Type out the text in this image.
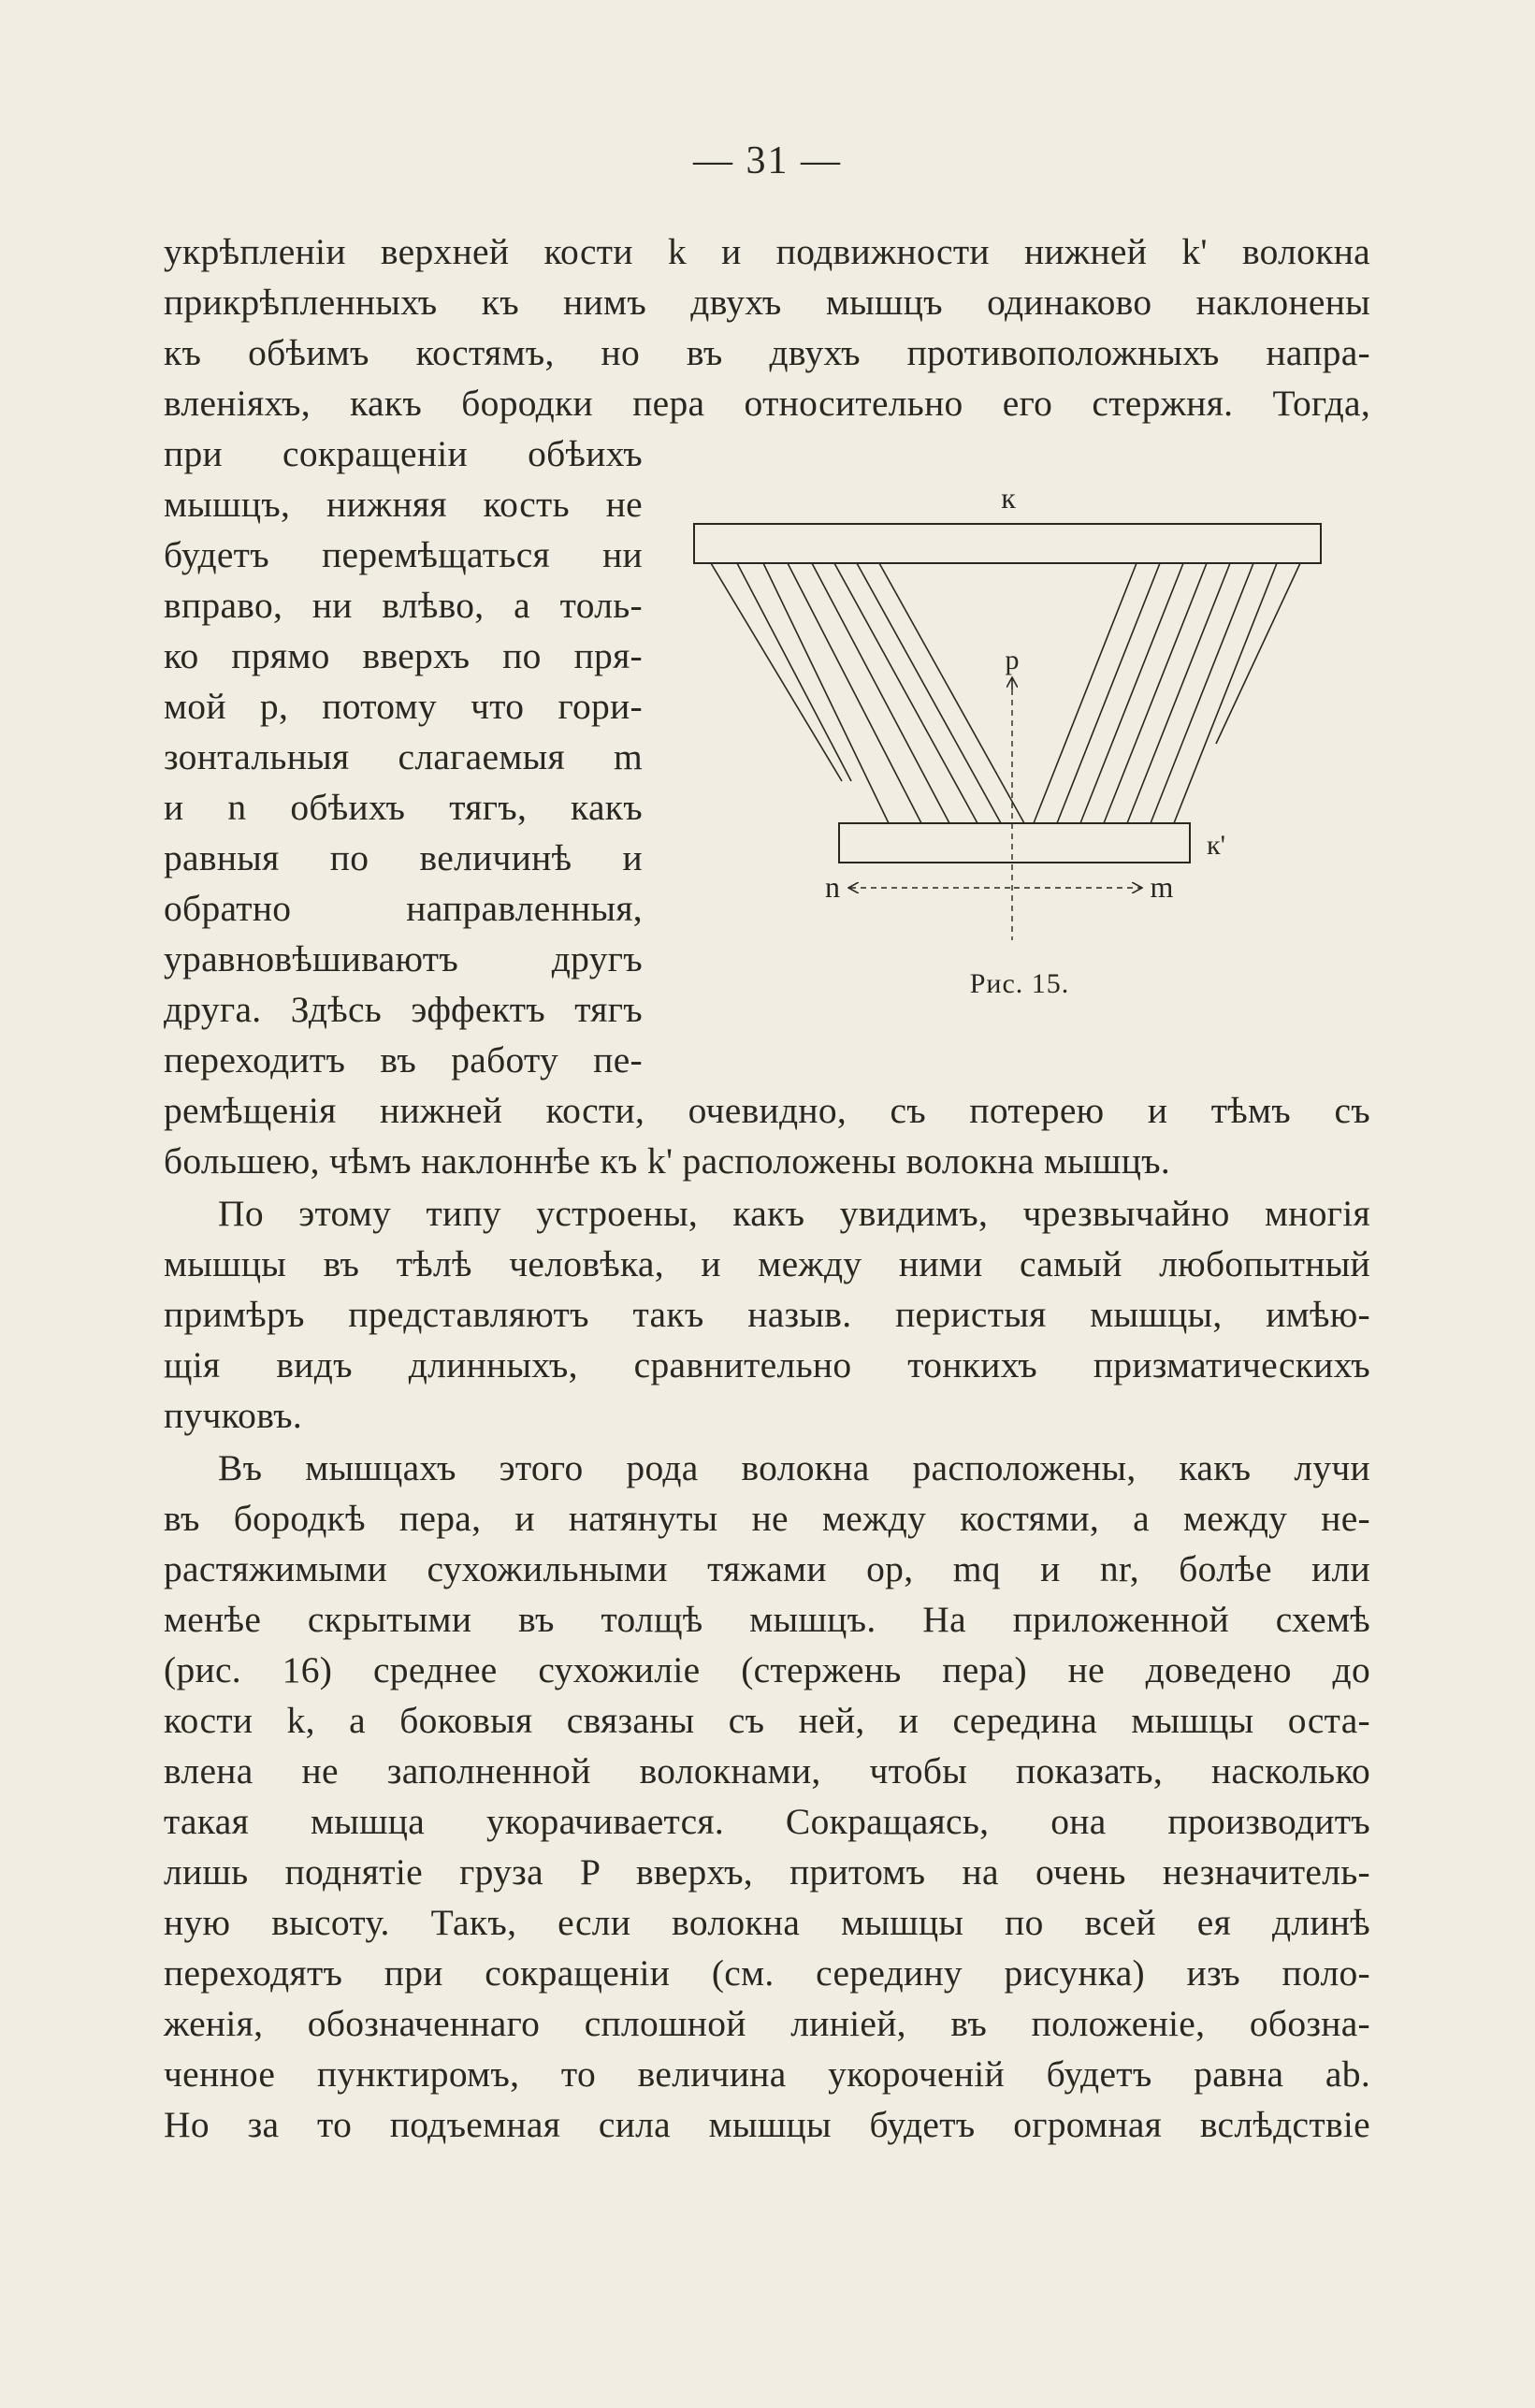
— 31 —
укрѣпленіи верхней кости k и подвижности нижней k' волокна
прикрѣпленныхъ къ нимъ двухъ мышцъ одинаково наклонены
къ обѣимъ костямъ, но въ двухъ противоположныхъ напра-
вленіяхъ, какъ бородки пера относительно его стержня. Тогда,
при сокращеніи обѣихъ
мышцъ, нижняя кость не
будетъ перемѣщаться ни
вправо, ни влѣво, а толь-
ко прямо вверхъ по пря-
мой p, потому что гори-
зонтальныя слагаемыя m
и n обѣихъ тягъ, какъ
равныя по величинѣ и
обратно направленныя,
уравновѣшиваютъ другъ
друга. Здѣсь эффектъ тягъ
переходитъ въ работу пе-
ремѣщенія нижней кости, очевидно, съ потерею и тѣмъ съ
большею, чѣмъ наклоннѣе къ k' расположены волокна мышцъ.
По этому типу устроены, какъ увидимъ, чрезвычайно многія
мышцы въ тѣлѣ человѣка, и между ними самый любопытный
примѣръ представляютъ такъ назыв. перистыя мышцы, имѣю-
щія видъ длинныхъ, сравнительно тонкихъ призматическихъ
пучковъ.
Въ мышцахъ этого рода волокна расположены, какъ лучи
въ бородкѣ пера, и натянуты не между костями, а между не-
растяжимыми сухожильными тяжами op, mq и nr, болѣе или
менѣе скрытыми въ толщѣ мышцъ. На приложенной схемѣ
(рис. 16) среднее сухожиліе (стержень пера) не доведено до
кости k, а боковыя связаны съ ней, и середина мышцы оста-
влена не заполненной волокнами, чтобы показать, насколько
такая мышца укорачивается. Сокращаясь, она производитъ
лишь поднятіе груза P вверхъ, притомъ на очень незначитель-
ную высоту. Такъ, если волокна мышцы по всей ея длинѣ
переходятъ при сокращеніи (см. середину рисунка) изъ поло-
женія, обозначеннаго сплошной линіей, въ положеніе, обозна-
ченное пунктиромъ, то величина укороченій будетъ равна ab.
Но за то подъемная сила мышцы будетъ огромная вслѣдствіе
к
к'
p
n	m
Рис. 15.
